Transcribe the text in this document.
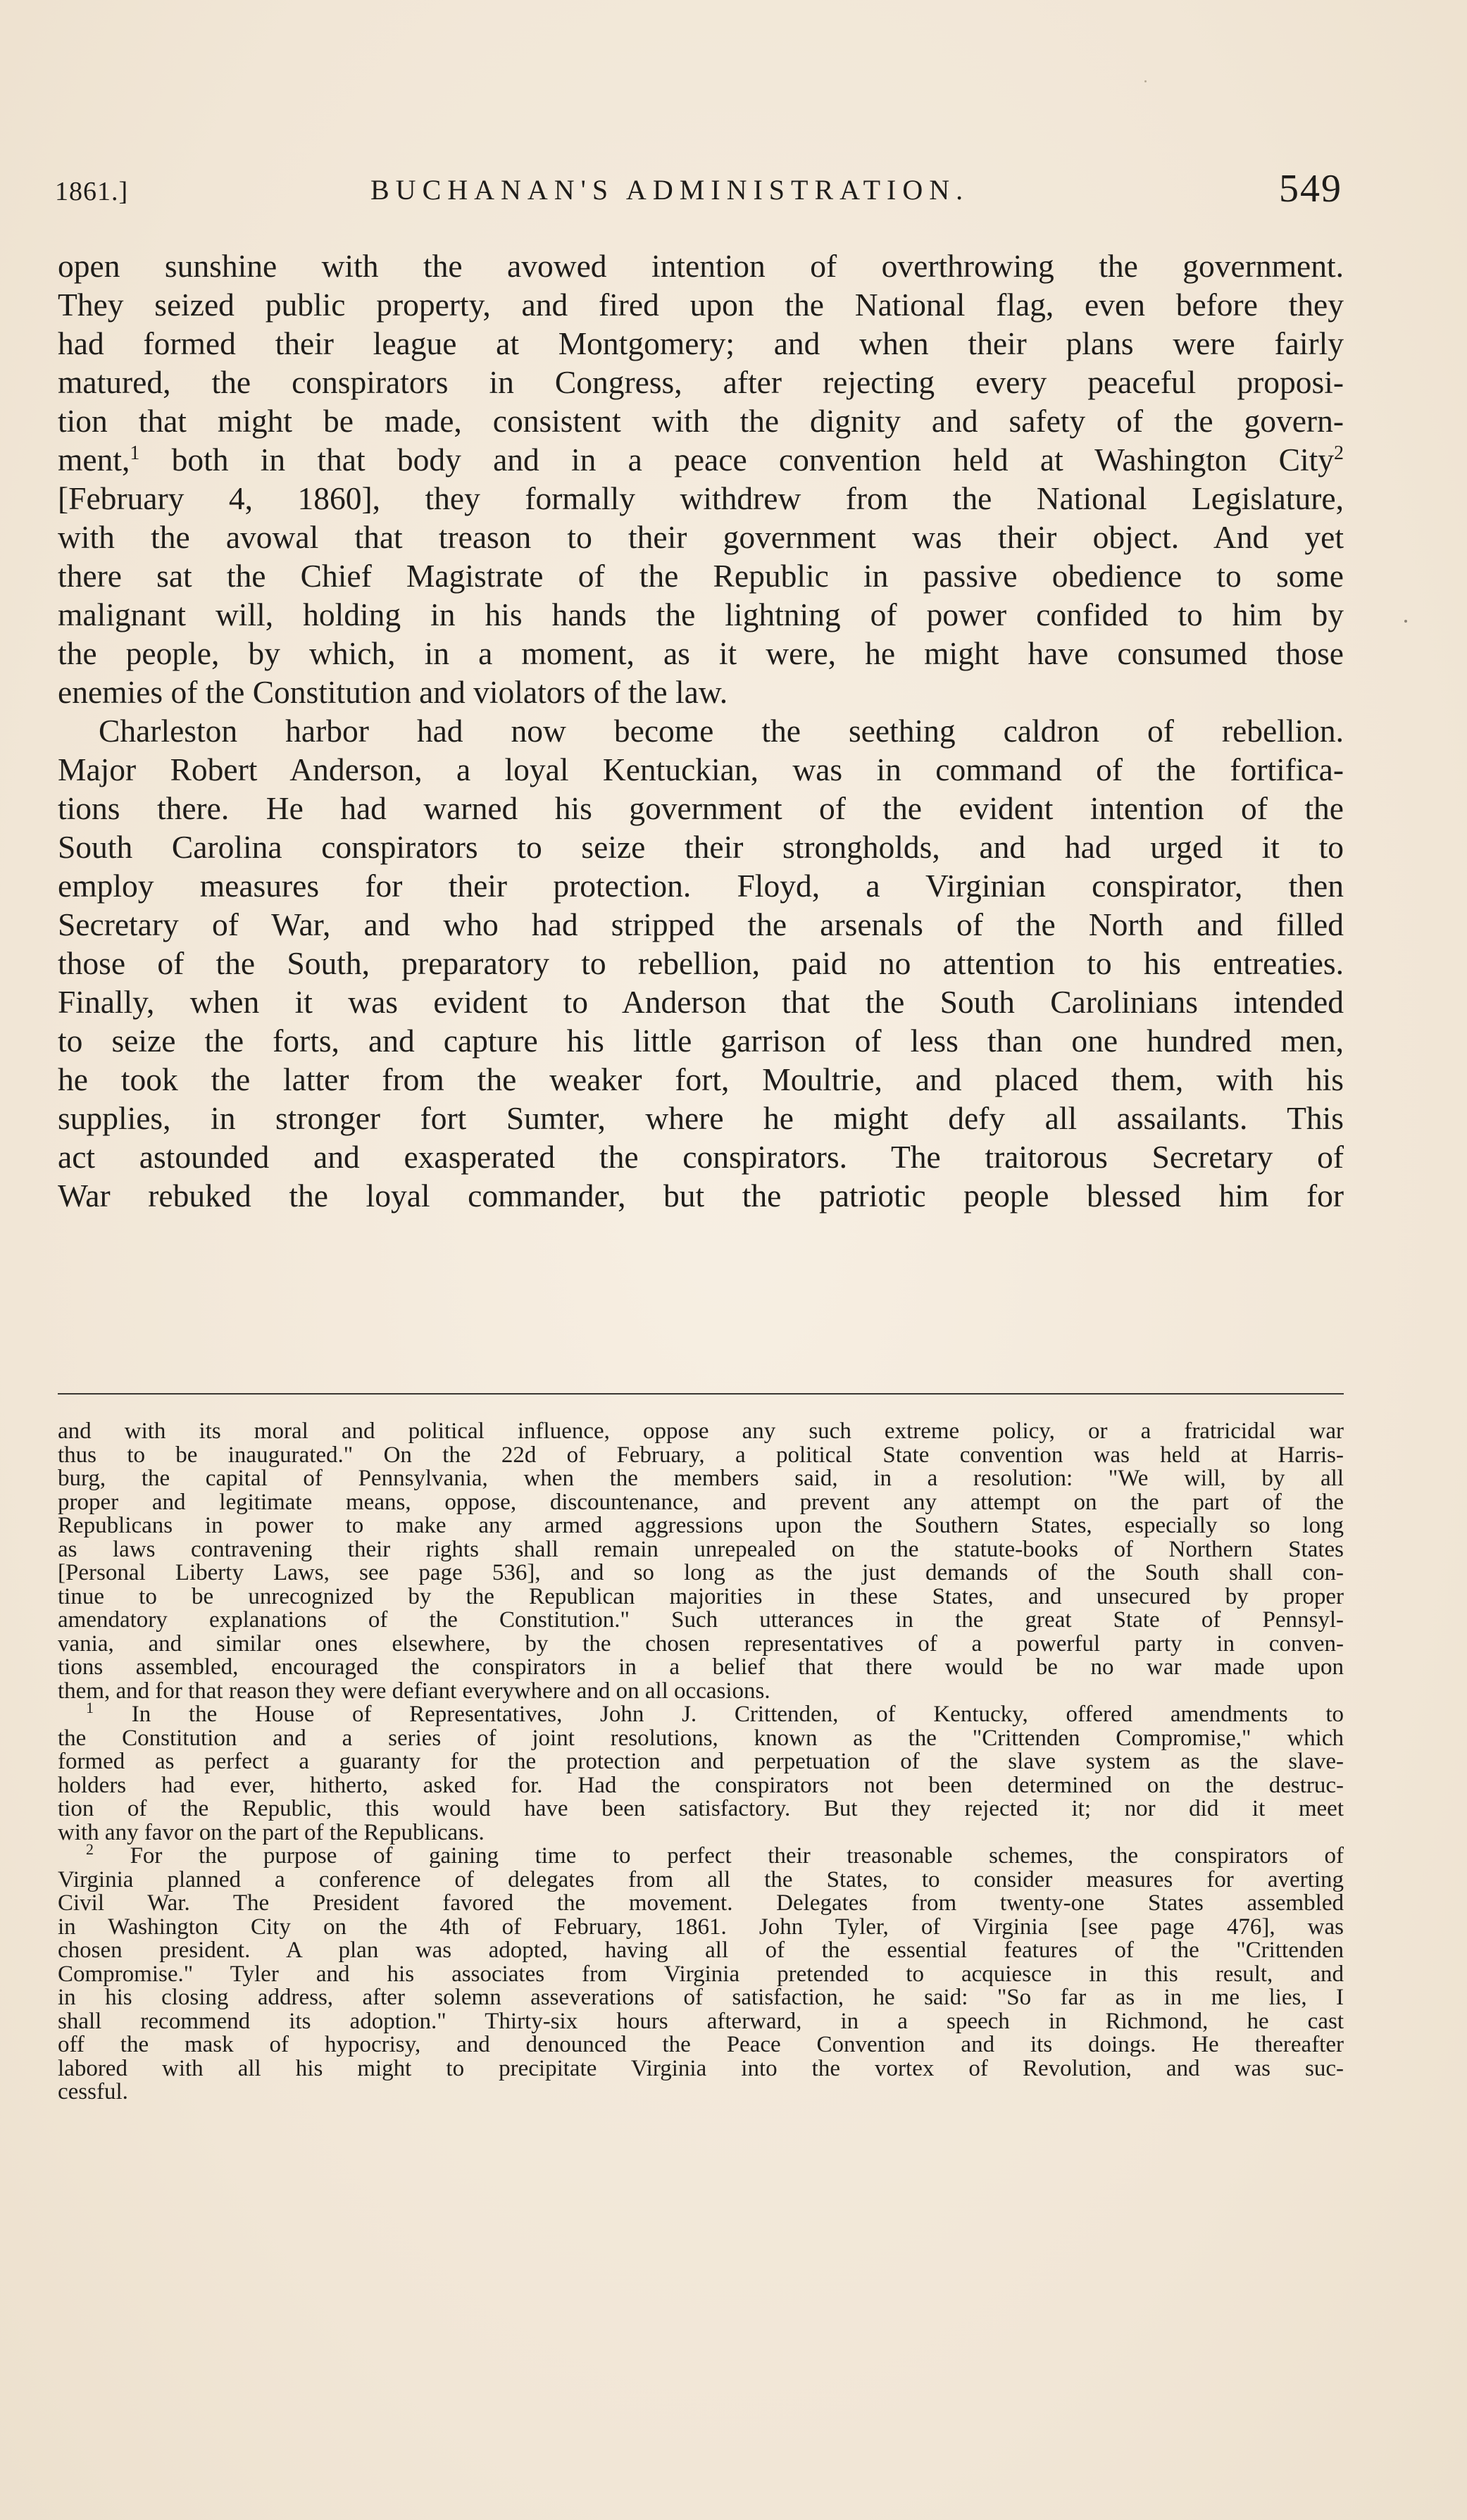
1861.]	BUCHANAN'S ADMINISTRATION.	549

open sunshine with the avowed intention of overthrowing the government.

They seized public property, and fired upon the National flag, even before they

had formed their league at Montgomery; and when their plans were fairly

matured, the conspirators in Congress, after rejecting every peaceful proposi-

tion that might be made, consistent with the dignity and safety of the govern-

ment,$^1$ both in that body and in a peace convention held at Washington City$^2$

[February 4, 1860], they formally withdrew from the National Legislature,

with the avowal that treason to their government was their object. And yet

there sat the Chief Magistrate of the Republic in passive obedience to some

malignant will, holding in his hands the lightning of power confided to him by

the people, by which, in a moment, as it were, he might have consumed those

enemies of the Constitution and violators of the law.

Charleston harbor had now become the seething caldron of rebellion.

Major Robert Anderson, a loyal Kentuckian, was in command of the fortifica-

tions there. He had warned his government of the evident intention of the

South Carolina conspirators to seize their strongholds, and had urged it to

employ measures for their protection. Floyd, a Virginian conspirator, then

Secretary of War, and who had stripped the arsenals of the North and filled

those of the South, preparatory to rebellion, paid no attention to his entreaties.

Finally, when it was evident to Anderson that the South Carolinians intended

to seize the forts, and capture his little garrison of less than one hundred men,

he took the latter from the weaker fort, Moultrie, and placed them, with his

supplies, in stronger fort Sumter, where he might defy all assailants. This

act astounded and exasperated the conspirators. The traitorous Secretary of

War rebuked the loyal commander, but the patriotic people blessed him for

and with its moral and political influence, oppose any such extreme policy, or a fratricidal war

thus to be inaugurated." On the 22d of February, a political State convention was held at Harris-

burg, the capital of Pennsylvania, when the members said, in a resolution: "We will, by all

proper and legitimate means, oppose, discountenance, and prevent any attempt on the part of the

Republicans in power to make any armed aggressions upon the Southern States, especially so long

as laws contravening their rights shall remain unrepealed on the statute-books of Northern States

[Personal Liberty Laws, see page 536], and so long as the just demands of the South shall con-

tinue to be unrecognized by the Republican majorities in these States, and unsecured by proper

amendatory explanations of the Constitution." Such utterances in the great State of Pennsyl-

vania, and similar ones elsewhere, by the chosen representatives of a powerful party in conven-

tions assembled, encouraged the conspirators in a belief that there would be no war made upon

them, and for that reason they were defiant everywhere and on all occasions.

$^1$ In the House of Representatives, John J. Crittenden, of Kentucky, offered amendments to

the Constitution and a series of joint resolutions, known as the "Crittenden Compromise," which

formed as perfect a guaranty for the protection and perpetuation of the slave system as the slave-

holders had ever, hitherto, asked for. Had the conspirators not been determined on the destruc-

tion of the Republic, this would have been satisfactory. But they rejected it; nor did it meet

with any favor on the part of the Republicans.

$^2$ For the purpose of gaining time to perfect their treasonable schemes, the conspirators of

Virginia planned a conference of delegates from all the States, to consider measures for averting

Civil War. The President favored the movement. Delegates from twenty-one States assembled

in Washington City on the 4th of February, 1861. John Tyler, of Virginia [see page 476], was

chosen president. A plan was adopted, having all of the essential features of the "Crittenden

Compromise." Tyler and his associates from Virginia pretended to acquiesce in this result, and

in his closing address, after solemn asseverations of satisfaction, he said: "So far as in me lies, I

shall recommend its adoption." Thirty-six hours afterward, in a speech in Richmond, he cast

off the mask of hypocrisy, and denounced the Peace Convention and its doings. He thereafter

labored with all his might to precipitate Virginia into the vortex of Revolution, and was suc-

cessful.
